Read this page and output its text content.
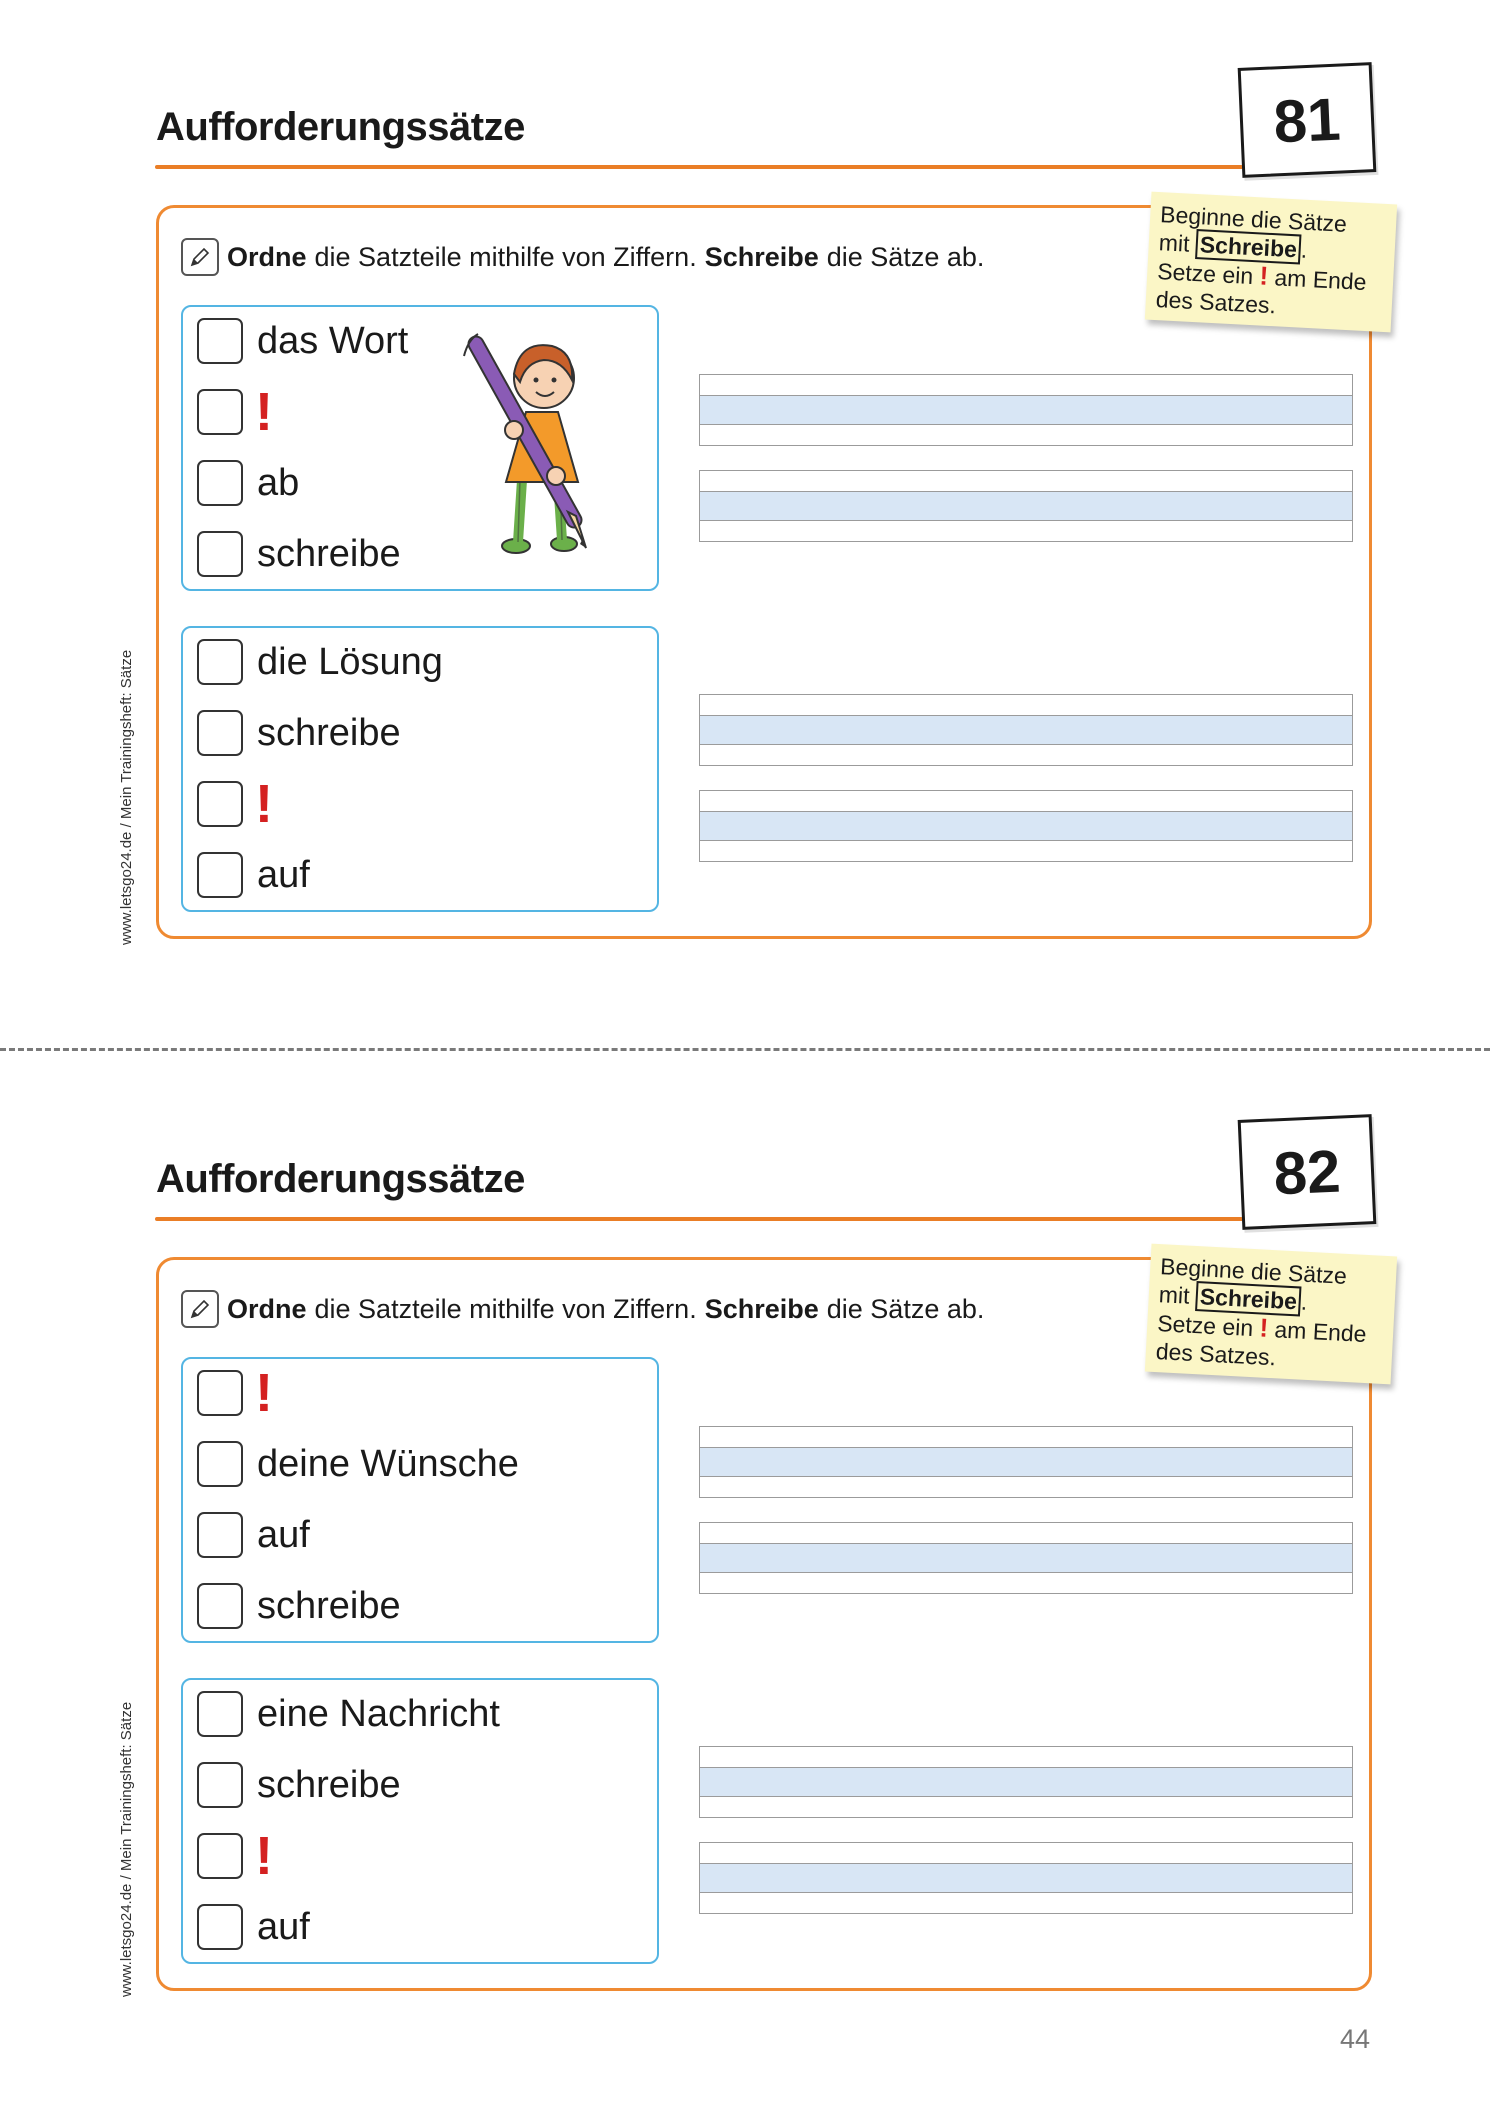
Aufforderungssätze	81
Beginne die Sätze
mit Schreibe .
Setze ein ! am Ende
des Satzes.
Ordne die Satzteile mithilfe von Ziffern. Schreibe die Sätze ab.
das Wort
!
ab
schreibe
die Lösung
schreibe
!
auf
www.letsgo24.de / Mein Trainingsheft: Sätze
Aufforderungssätze	82
Beginne die Sätze
mit Schreibe .
Setze ein ! am Ende
des Satzes.
Ordne die Satzteile mithilfe von Ziffern. Schreibe die Sätze ab.
!
deine Wünsche
auf
schreibe
eine Nachricht
schreibe
!
auf
www.letsgo24.de / Mein Trainingsheft: Sätze
44
